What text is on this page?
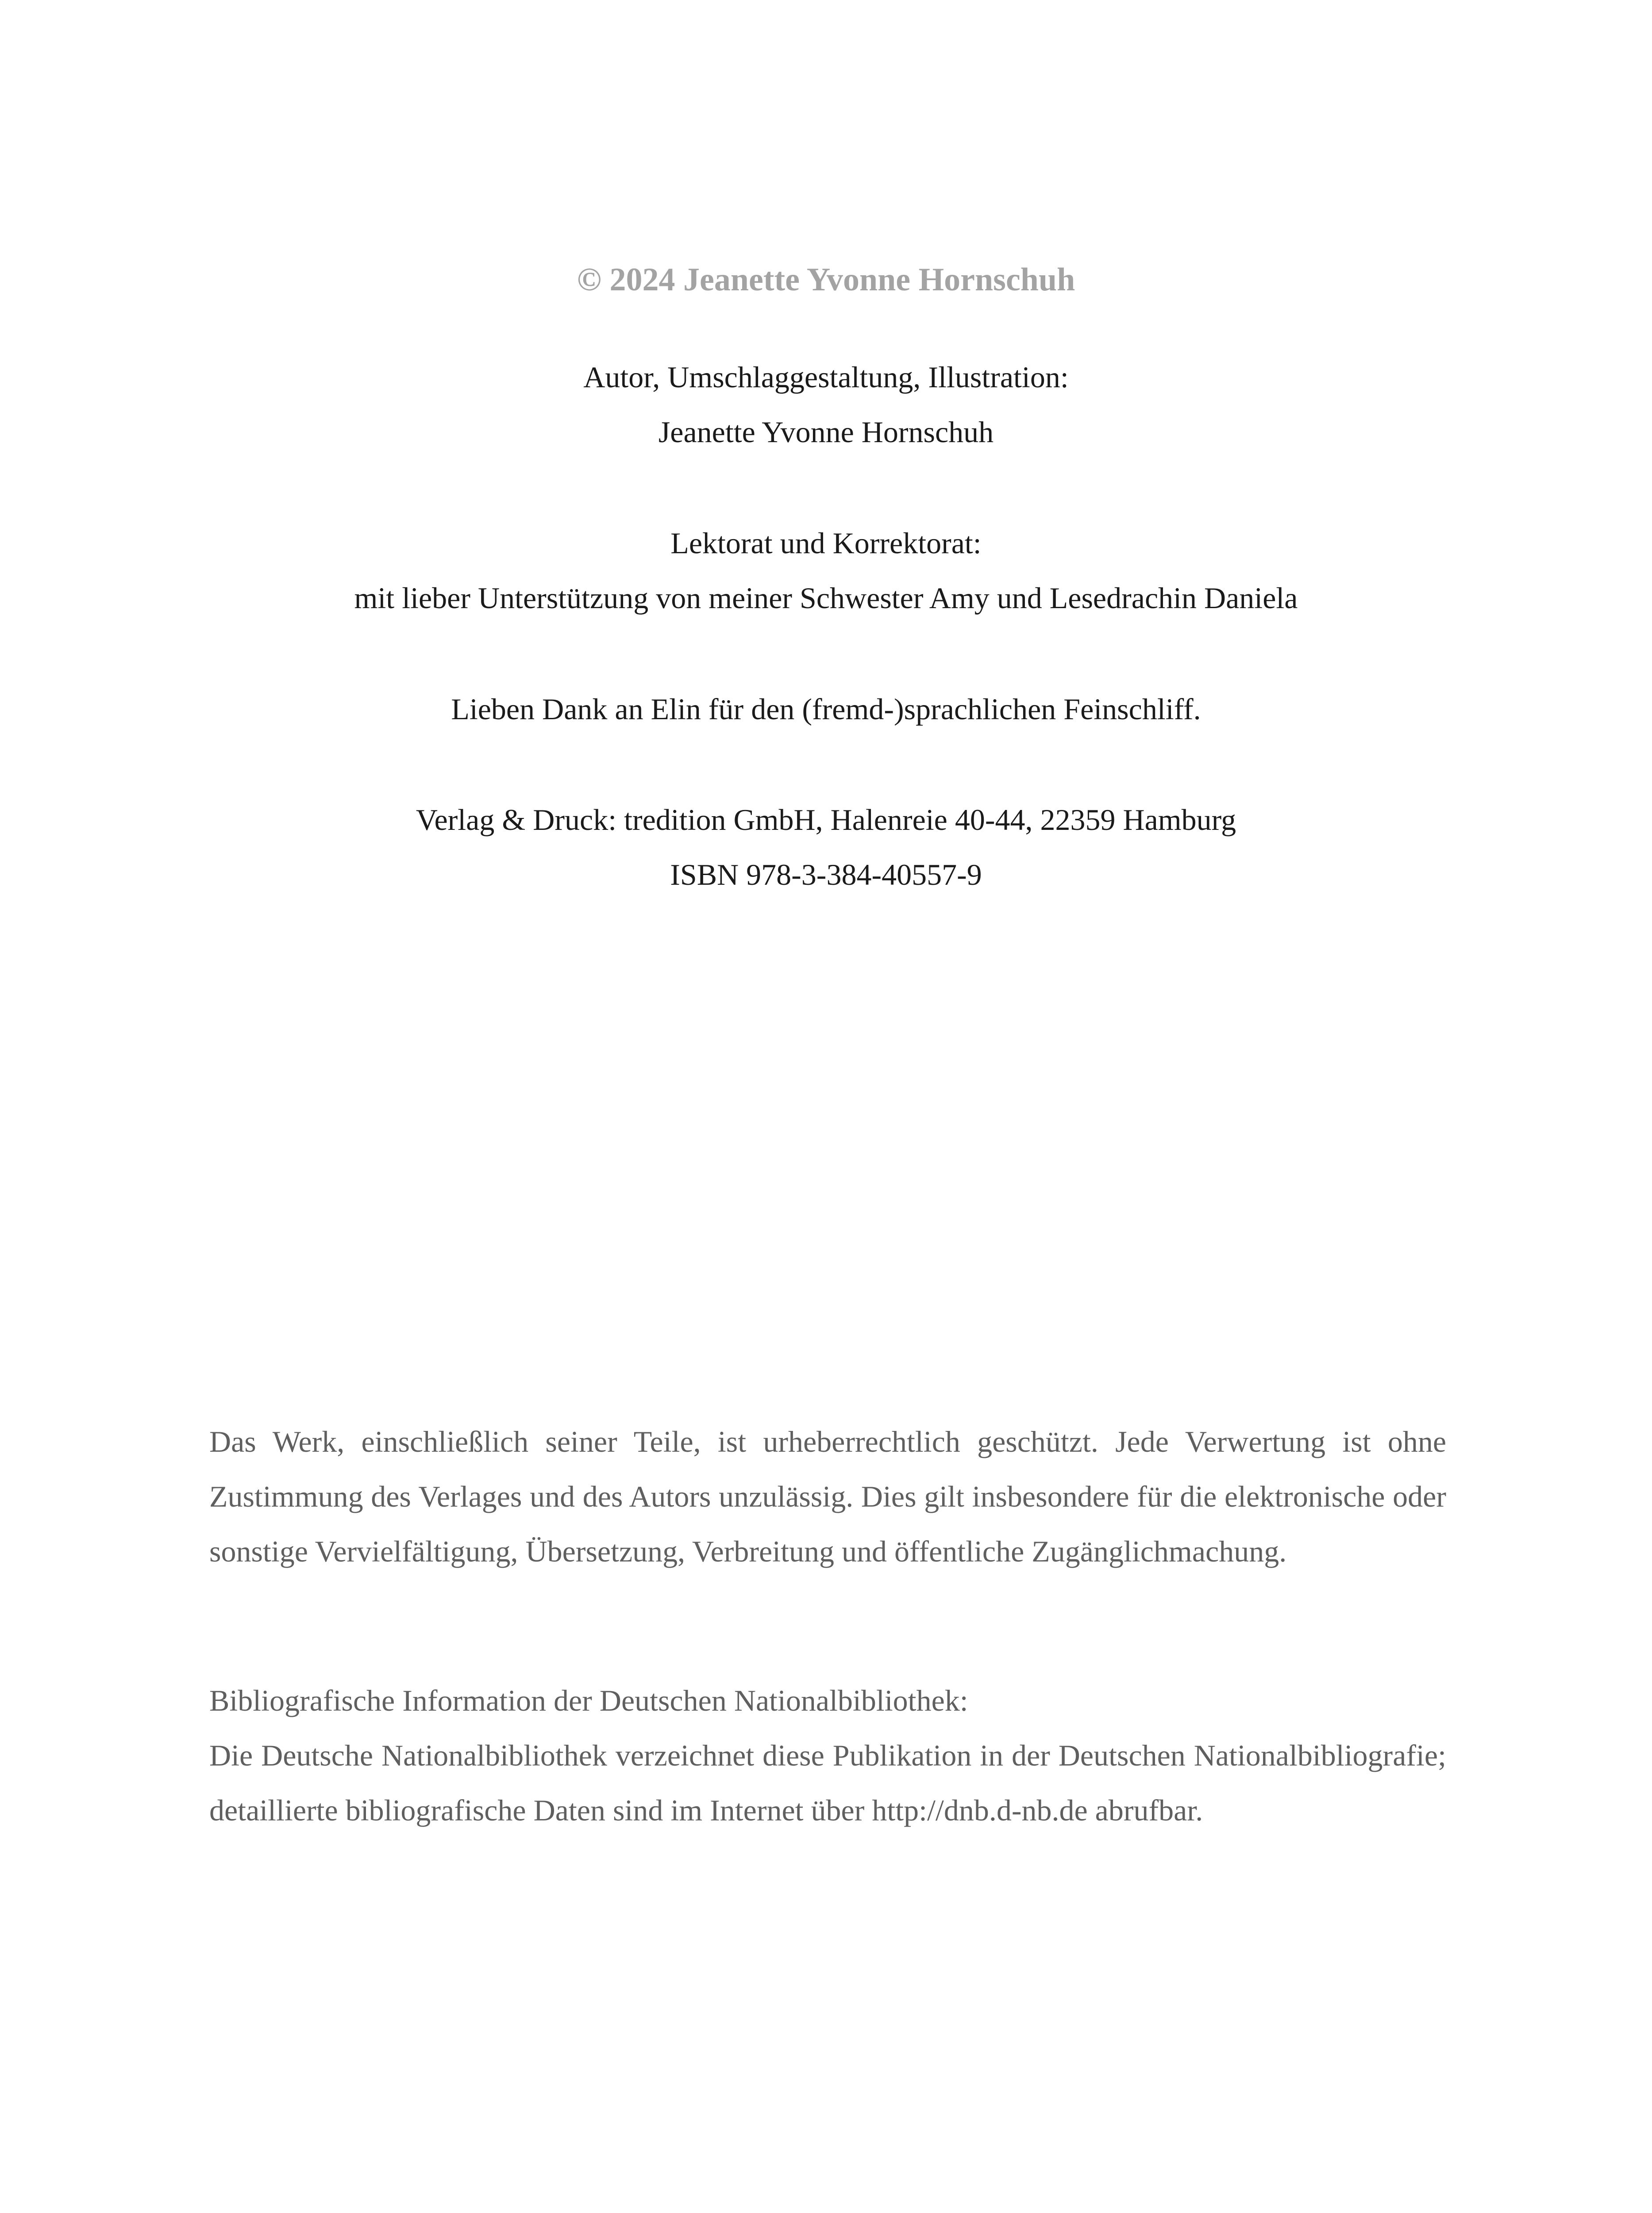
© 2024 Jeanette Yvonne Hornschuh
Autor, Umschlaggestaltung, Illustration:
Jeanette Yvonne Hornschuh
Lektorat und Korrektorat:
mit lieber Unterstützung von meiner Schwester Amy und Lesedrachin Daniela
Lieben Dank an Elin für den (fremd-)sprachlichen Feinschliff.
Verlag & Druck: tredition GmbH, Halenreie 40-44, 22359 Hamburg
ISBN 978-3-384-40557-9

Das Werk, einschließlich seiner Teile, ist urheberrechtlich geschützt. Jede Verwertung ist ohne Zustimmung des Verlages und des Autors unzulässig. Dies gilt insbesondere für die elektronische oder sonstige Vervielfältigung, Übersetzung, Verbreitung und öffentliche Zugänglichmachung.

Bibliografische Information der Deutschen Nationalbibliothek:

Die Deutsche Nationalbibliothek verzeichnet diese Publikation in der Deutschen Nationalbibliografie; detaillierte bibliografische Daten sind im Internet über http://dnb.d-nb.de abrufbar.
